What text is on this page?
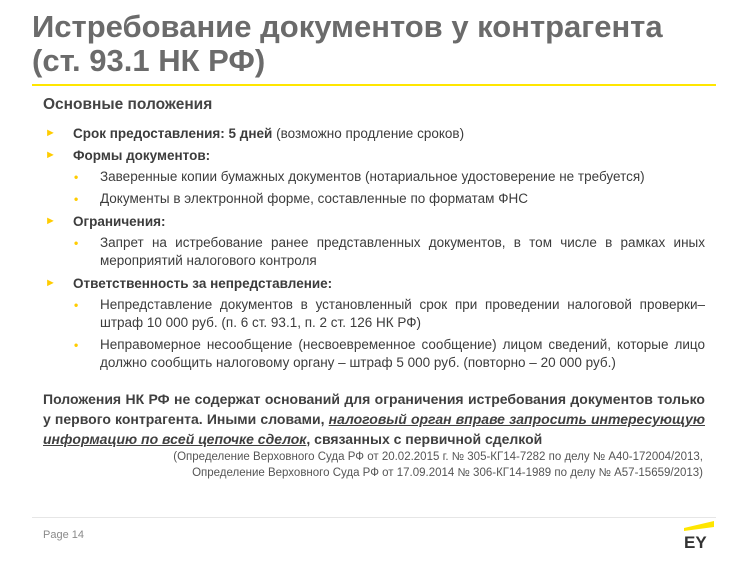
Истребование документов у контрагента
(ст. 93.1 НК РФ)
Основные положения
► Срок предоставления: 5 дней (возможно продление сроков)
► Формы документов:
• Заверенные копии бумажных документов (нотариальное удостоверение не требуется)
• Документы в электронной форме, составленные по форматам ФНС
► Ограничения:
• Запрет на истребование ранее представленных документов, в том числе в рамках иных мероприятий налогового контроля
► Ответственность за непредставление:
• Непредставление документов в установленный срок при проведении налоговой проверки– штраф 10 000 руб. (п. 6 ст. 93.1, п. 2 ст. 126 НК РФ)
• Неправомерное несообщение (несвоевременное сообщение) лицом сведений, которые лицо должно сообщить налоговому органу – штраф 5 000 руб. (повторно – 20 000 руб.)
Положения НК РФ не содержат оснований для ограничения истребования документов только у первого контрагента. Иными словами, налоговый орган вправе запросить интересующую информацию по всей цепочке сделок, связанных с первичной сделкой
(Определение Верховного Суда РФ от 20.02.2015 г. № 305-КГ14-7282 по делу № А40-172004/2013,
Определение Верховного Суда РФ от 17.09.2014 № 306-КГ14-1989 по делу № А57-15659/2013)
Page 14	EY
